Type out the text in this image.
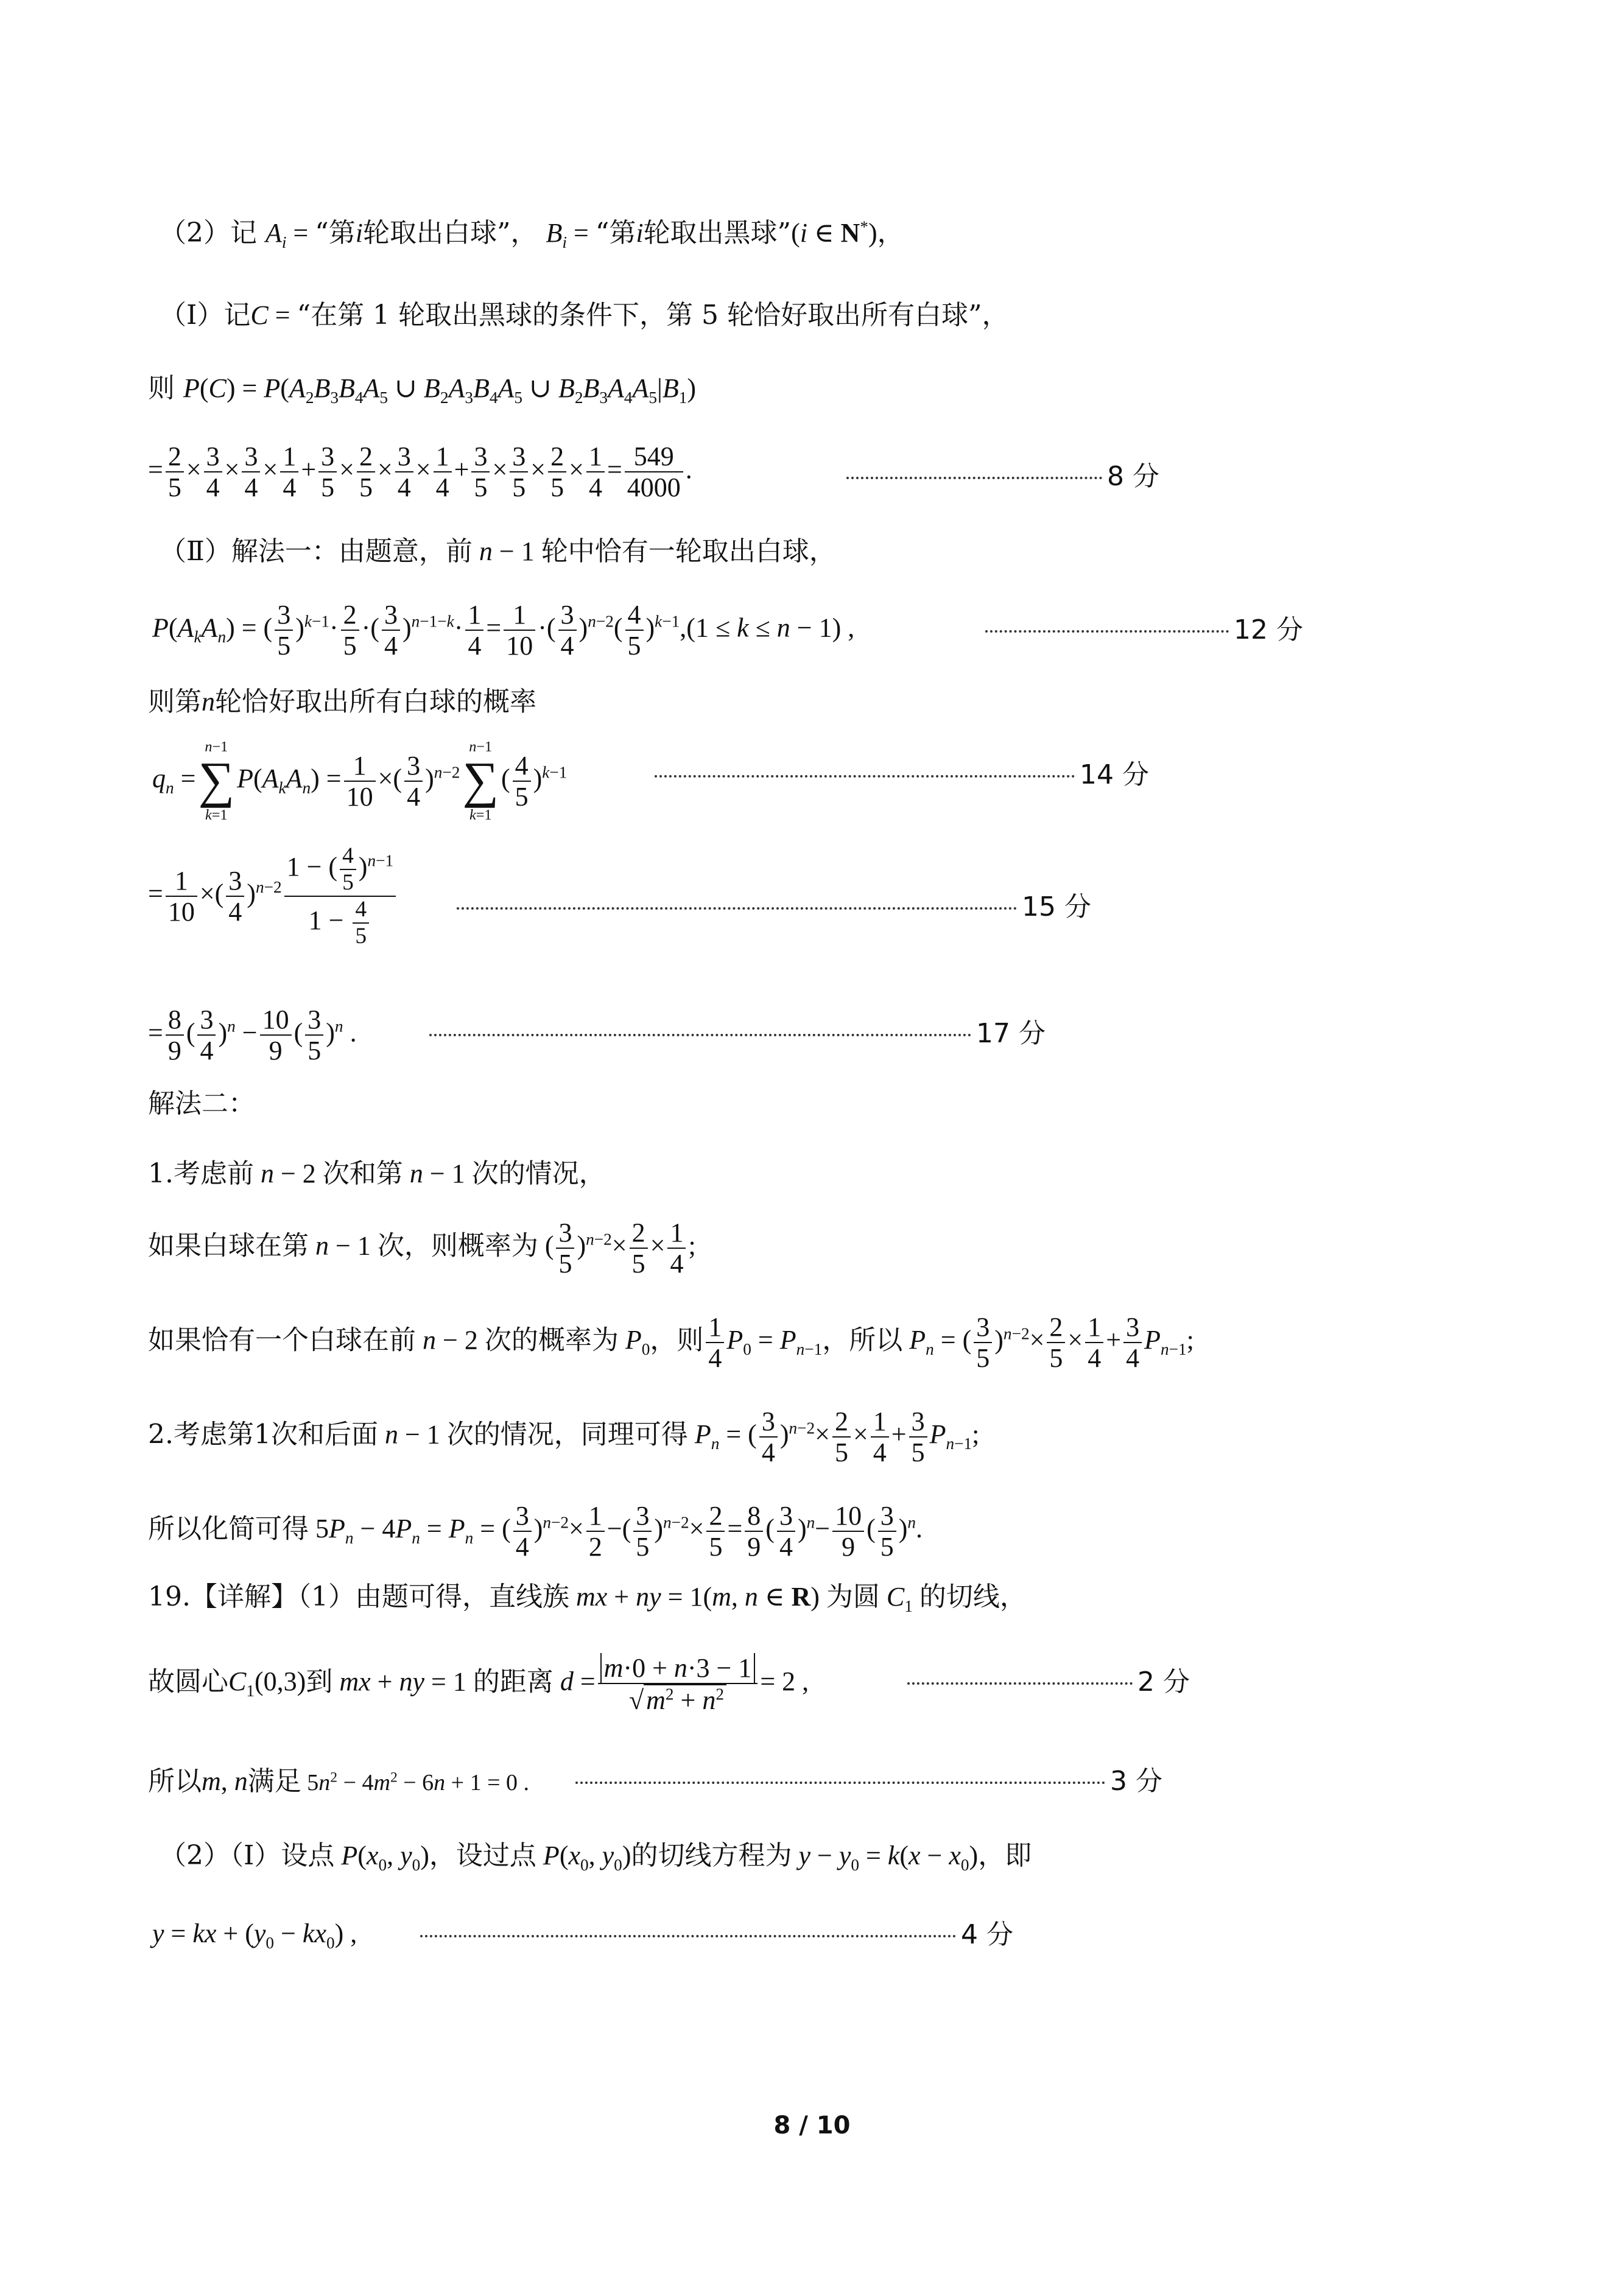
（2）记 $A_i$ = “第i轮取出白球”， $B_i$ = “第i轮取出黑球”(i ∈ N*)，
（Ⅰ）记C = “在第 1 轮取出黑球的条件下，第 5 轮恰好取出所有白球”，
则 $P(C) = P(A_2B_3B_4A_5$ ∪ $B_2A_3B_4A_5$ ∪ $B_2B_3A_4A_5|B_1$)
= $\frac{2}{5} \times \frac{3}{4} \times \frac{3}{4} \times \frac{1}{4} + \frac{3}{5} \times \frac{2}{5} \times \frac{3}{4} \times \frac{1}{4} + \frac{3}{5} \times \frac{3}{5} \times \frac{2}{5} \times \frac{1}{4} = \frac{549}{4000}$ .	8 分
（Ⅱ）解法一：由题意，前 n − 1 轮中恰有一轮取出白球，
$P(A_kA_n)$ = ( $\frac{3}{5} )^{k-1}\cdot \frac{2}{5}$ ·( $\frac{3}{4} )^{n-1-k}\cdot \frac{1}{4} = \frac{1}{10}$ ·( $\frac{3}{4} )^{n-2}( \frac{4}{5} )^{k-1},(1 \le k \le n - 1)$ ,	12 分
则第n轮恰好取出所有白球的概率
$q_n$ =
n−1
∑
k=1
$P(A_kA_n) = \frac{1}{10}$ ×( $\frac{3}{4} )^{n-2}$
n−1
∑
k=1
( $\frac{4}{5} )^{k-1}$	14 分
= $\frac{1}{10}$ ×( $\frac{3}{4} )^{n-2} \frac{1 - ( \frac{4}{5} )^{n-1}}{1 - \frac{4}{5}}$	15 分
= $\frac{8}{9}$ ( $\frac{3}{4} )^n - \frac{10}{9}$ ( $\frac{3}{5} )^n$ .	17 分
解法二：
1.考虑前 n − 2 次和第 n − 1 次的情况，
如果白球在第 n − 1 次，则概率为 ( $\frac{3}{5} )^{n-2}\times \frac{2}{5} \times \frac{1}{4}$ ;
如果恰有一个白球在前 n − 2 次的概率为 $P_0$，则 $\frac{1}{4} P_0 = P_{n-1}$，所以 $P_n$ = ( $\frac{3}{5} )^{n-2}\times \frac{2}{5} \times \frac{1}{4} + \frac{3}{4} P_{n-1}$;
2.考虑第1次和后面 n − 1 次的情况，同理可得 $P_n$ = ( $\frac{3}{4} )^{n-2}\times \frac{2}{5} \times \frac{1}{4} + \frac{3}{5} P_{n-1}$;
所以化简可得 $5P_n - 4P_n = P_n$ = ( $\frac{3}{4} )^{n-2}\times \frac{1}{2}$ −( $\frac{3}{5} )^{n-2}\times \frac{2}{5} = \frac{8}{9}$ ( $\frac{3}{4} )^n- \frac{10}{9}$ ( $\frac{3}{5} )^n$.
19.【详解】（1）由题可得，直线族 mx + ny = 1(m, n ∈ R) 为圆 $C_1$ 的切线，
故圆心$C_1(0,3)$到 mx + ny = 1 的距离 $d = \frac{m\cdot 0 + n\cdot 3 - 1}{√m^2 + n^2} = 2$ ,	2 分
所以m, n满足 $5n^2 - 4m^2 - 6n + 1 = 0$ .	3 分
（2）（Ⅰ）设点 $P(x_0$, $y_0$)，设过点 $P(x_0$, $y_0$)的切线方程为 $y - y_0 = k(x - x_0)$，即
y = kx + $(y_0 - kx_0)$ ,	4 分
8 / 10
